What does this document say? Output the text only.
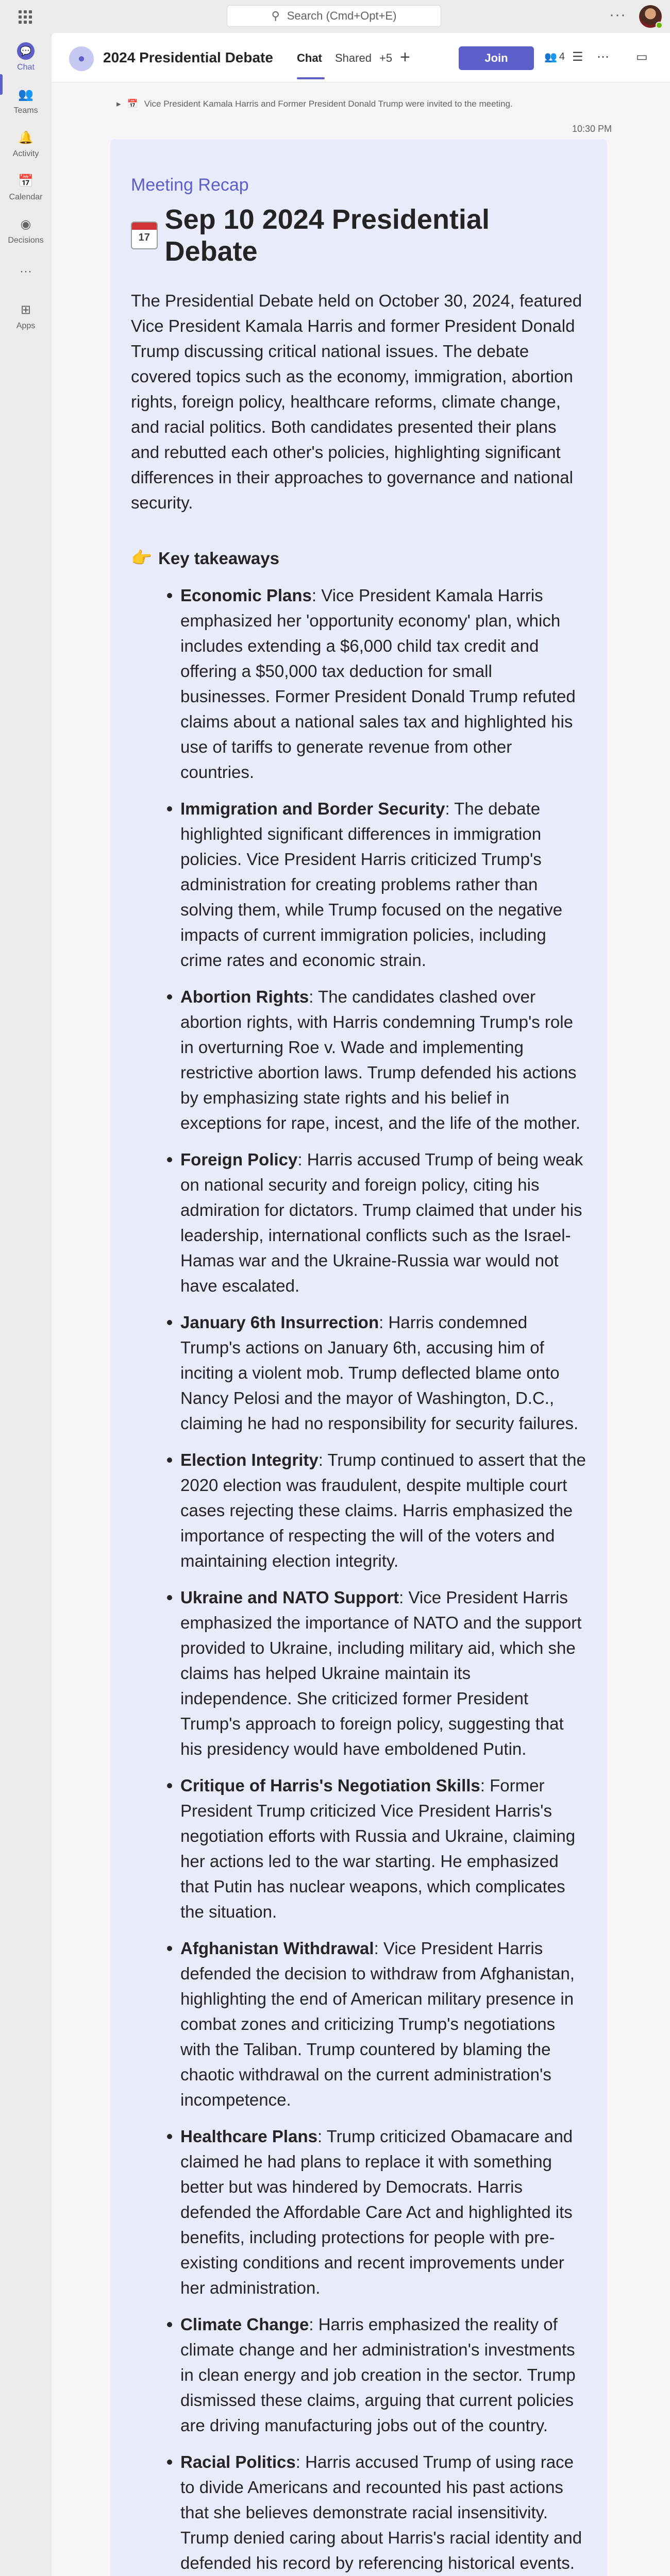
⚲ Search (Cmd+Opt+E)	···
💬
Chat
👥
Teams
🔔
Activity
📅
Calendar
◉
Decisions
···
⊞
Apps
●	2024 Presidential Debate Chat Shared +5 +	Join	👥 4 ☰ ⋯ ▭
▸ 📅 Vice President Kamala Harris and Former President Donald Trump were invited to the meeting.
10:30 PM
Meeting Recap
17
Sep 10 2024 Presidential Debate
The Presidential Debate held on October 30, 2024, featured Vice President Kamala Harris and former President Donald Trump discussing critical national issues. The debate covered topics such as the economy, immigration, abortion rights, foreign policy, healthcare reforms, climate change, and racial politics. Both candidates presented their plans and rebutted each other's policies, highlighting significant differences in their approaches to governance and national security.
👉 Key takeaways
Economic Plans: Vice President Kamala Harris emphasized her 'opportunity economy' plan, which includes extending a $6,000 child tax credit and offering a $50,000 tax deduction for small businesses. Former President Donald Trump refuted claims about a national sales tax and highlighted his use of tariffs to generate revenue from other countries.
Immigration and Border Security: The debate highlighted significant differences in immigration policies. Vice President Harris criticized Trump's administration for creating problems rather than solving them, while Trump focused on the negative impacts of current immigration policies, including crime rates and economic strain.
Abortion Rights: The candidates clashed over abortion rights, with Harris condemning Trump's role in overturning Roe v. Wade and implementing restrictive abortion laws. Trump defended his actions by emphasizing state rights and his belief in exceptions for rape, incest, and the life of the mother.
Foreign Policy: Harris accused Trump of being weak on national security and foreign policy, citing his admiration for dictators. Trump claimed that under his leadership, international conflicts such as the Israel-Hamas war and the Ukraine-Russia war would not have escalated.
January 6th Insurrection: Harris condemned Trump's actions on January 6th, accusing him of inciting a violent mob. Trump deflected blame onto Nancy Pelosi and the mayor of Washington, D.C., claiming he had no responsibility for security failures.
Election Integrity: Trump continued to assert that the 2020 election was fraudulent, despite multiple court cases rejecting these claims. Harris emphasized the importance of respecting the will of the voters and maintaining election integrity.
Ukraine and NATO Support: Vice President Harris emphasized the importance of NATO and the support provided to Ukraine, including military aid, which she claims has helped Ukraine maintain its independence. She criticized former President Trump's approach to foreign policy, suggesting that his presidency would have emboldened Putin.
Critique of Harris's Negotiation Skills: Former President Trump criticized Vice President Harris's negotiation efforts with Russia and Ukraine, claiming her actions led to the war starting. He emphasized that Putin has nuclear weapons, which complicates the situation.
Afghanistan Withdrawal: Vice President Harris defended the decision to withdraw from Afghanistan, highlighting the end of American military presence in combat zones and criticizing Trump's negotiations with the Taliban. Trump countered by blaming the chaotic withdrawal on the current administration's incompetence.
Healthcare Plans: Trump criticized Obamacare and claimed he had plans to replace it with something better but was hindered by Democrats. Harris defended the Affordable Care Act and highlighted its benefits, including protections for people with pre-existing conditions and recent improvements under her administration.
Climate Change: Harris emphasized the reality of climate change and her administration's investments in clean energy and job creation in the sector. Trump dismissed these claims, arguing that current policies are driving manufacturing jobs out of the country.
Racial Politics: Harris accused Trump of using race to divide Americans and recounted his past actions that she believes demonstrate racial insensitivity. Trump denied caring about Harris's racial identity and defended his record by referencing historical events.
